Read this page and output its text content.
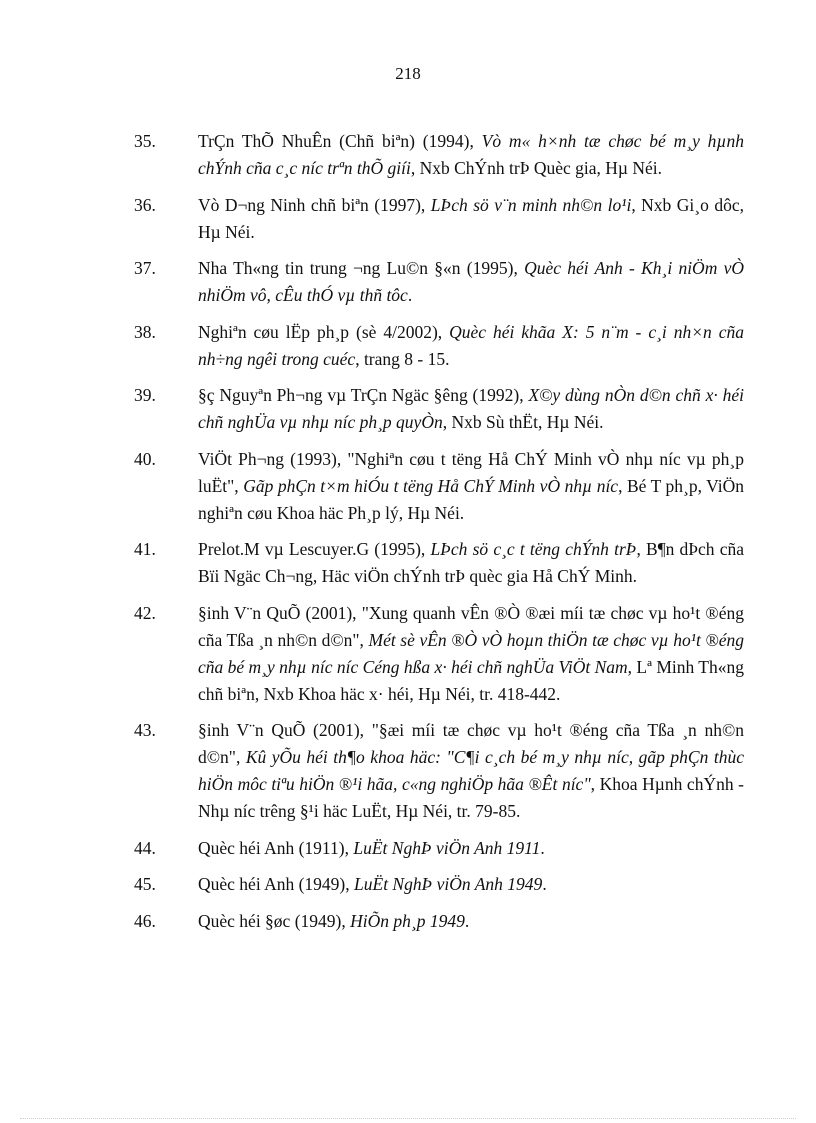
218
35.	TrÇn ThÕ NhuÊn (Chñ biªn) (1994), Vò m« h×nh tæ chøc bé m¸y hµnh chÝnh cña c¸c níc trªn thÕ giíi, Nxb ChÝnh trÞ Quèc gia, Hµ Néi.
36.	Vò D¬ng Ninh chñ biªn (1997), LÞch sö v¨n minh nh©n lo¹i, Nxb Gi¸o dôc, Hµ Néi.
37.	Nha Th«ng tin trung ¬ng Lu©n §«n (1995), Quèc héi Anh - Kh¸i niÖm vÒ nhiÖm vô, cÊu thÓ vµ thñ tôc.
38.	Nghiªn cøu lËp ph¸p (sè 4/2002), Quèc héi khãa X: 5 n¨m - c¸i nh×n cña nh÷ng ngêi trong cuéc, trang 8 - 15.
39.	§ç Nguyªn Ph¬ng vµ TrÇn Ngäc §êng (1992), X©y dùng nÒn d©n chñ x· héi chñ nghÜa vµ nhµ níc ph¸p quyÒn, Nxb Sù thËt, Hµ Néi.
40.	ViÖt Ph¬ng (1993), "Nghiªn cøu t tëng Hå ChÝ Minh vÒ nhµ níc vµ ph¸p luËt", Gãp phÇn t×m hiÓu t tëng Hå ChÝ Minh vÒ nhµ níc, Bé T ph¸p, ViÖn nghiªn cøu Khoa häc Ph¸p lý, Hµ Néi.
41.	Prelot.M vµ Lescuyer.G (1995), LÞch sö c¸c t tëng chÝnh trÞ, B¶n dÞch cña Bïi Ngäc Ch¬ng, Häc viÖn chÝnh trÞ quèc gia Hå ChÝ Minh.
42.	§inh V¨n QuÕ (2001), "Xung quanh vÊn ®Ò ®æi míi tæ chøc vµ ho¹t ®éng cña Tßa ¸n nh©n d©n", Mét sè vÊn ®Ò vÒ hoµn thiÖn tæ chøc vµ ho¹t ®éng cña bé m¸y nhµ níc níc Céng hßa x· héi chñ nghÜa ViÖt Nam, Lª Minh Th«ng chñ biªn, Nxb Khoa häc x· héi, Hµ Néi, tr. 418-442.
43.	§inh V¨n QuÕ (2001), "§æi míi tæ chøc vµ ho¹t ®éng cña Tßa ¸n nh©n d©n", Kû yÕu héi th¶o khoa häc: "C¶i c¸ch bé m¸y nhµ níc, gãp phÇn thùc hiÖn môc tiªu hiÖn ®¹i hãa, c«ng nghiÖp hãa ®Êt níc", Khoa Hµnh chÝnh - Nhµ níc trêng §¹i häc LuËt, Hµ Néi, tr. 79-85.
44.	Quèc héi Anh (1911), LuËt NghÞ viÖn Anh 1911.
45.	Quèc héi Anh (1949), LuËt NghÞ viÖn Anh 1949.
46.	Quèc héi §øc (1949), HiÕn ph¸p 1949.
